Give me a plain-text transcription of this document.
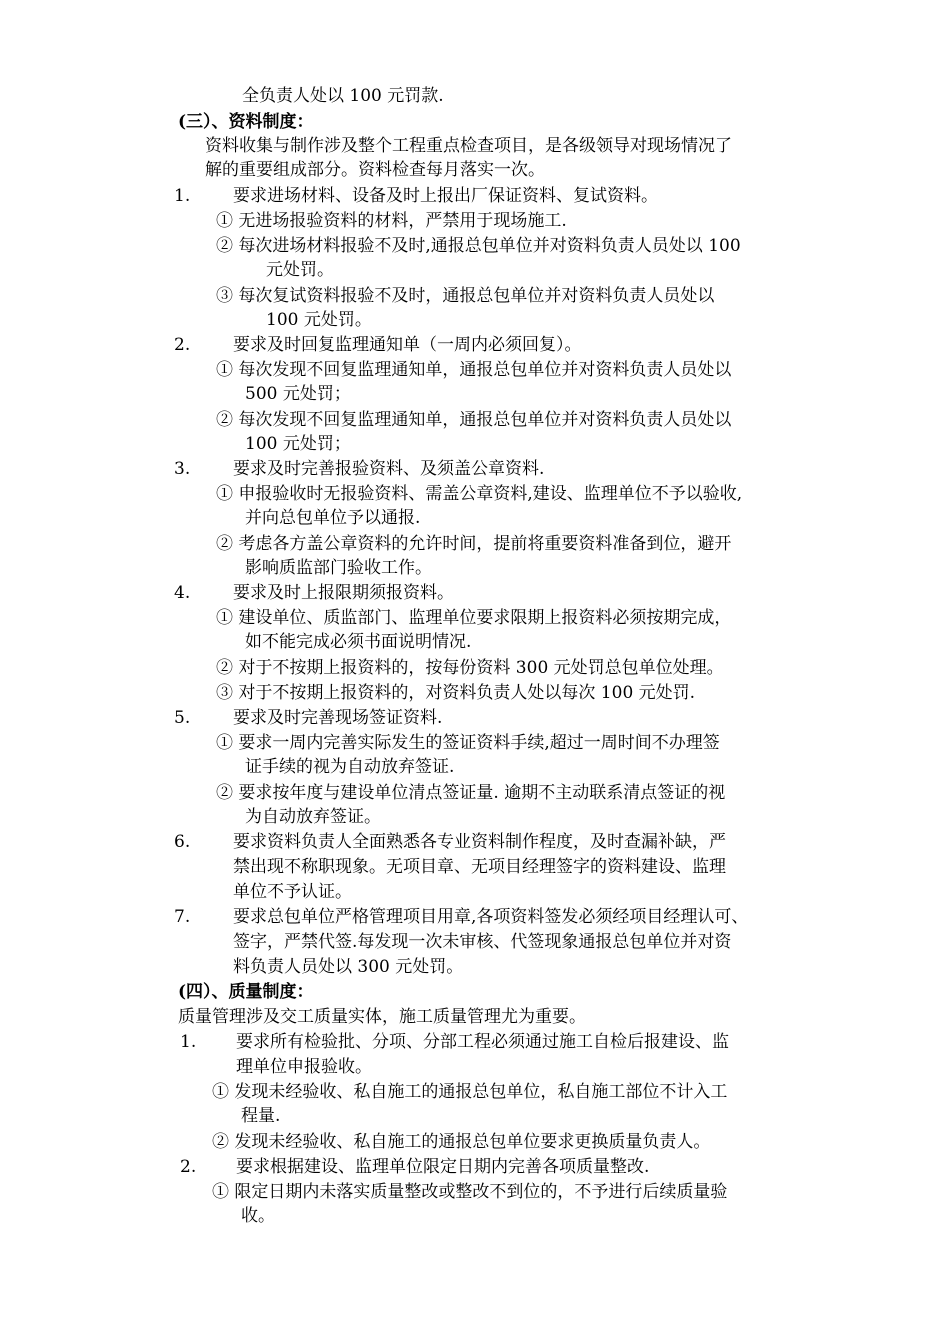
全负责人处以 100 元罚款.
(三）、资料制度：
资料收集与制作涉及整个工程重点检查项目，是各级领导对现场情况了
解的重要组成部分。资料检查每月落实一次。
1.	要求进场材料、设备及时上报出厂保证资料、复试资料。
① 无进场报验资料的材料，严禁用于现场施工.
② 每次进场材料报验不及时,通报总包单位并对资料负责人员处以 100
元处罚。
③ 每次复试资料报验不及时，通报总包单位并对资料负责人员处以
100 元处罚。
2.	要求及时回复监理通知单（一周内必须回复）。
① 每次发现不回复监理通知单，通报总包单位并对资料负责人员处以
500 元处罚；
② 每次发现不回复监理通知单，通报总包单位并对资料负责人员处以
100 元处罚；
3.	要求及时完善报验资料、及须盖公章资料.
① 申报验收时无报验资料、需盖公章资料,建设、监理单位不予以验收,
并向总包单位予以通报.
② 考虑各方盖公章资料的允许时间，提前将重要资料准备到位，避开
影响质监部门验收工作。
4.	要求及时上报限期须报资料。
① 建设单位、质监部门、监理单位要求限期上报资料必须按期完成，
如不能完成必须书面说明情况.
② 对于不按期上报资料的，按每份资料 300 元处罚总包单位处理。
③ 对于不按期上报资料的，对资料负责人处以每次 100 元处罚.
5.	要求及时完善现场签证资料.
① 要求一周内完善实际发生的签证资料手续,超过一周时间不办理签
证手续的视为自动放弃签证.
② 要求按年度与建设单位清点签证量. 逾期不主动联系清点签证的视
为自动放弃签证。
6.	要求资料负责人全面熟悉各专业资料制作程度，及时查漏补缺，严
禁出现不称职现象。无项目章、无项目经理签字的资料建设、监理
单位不予认证。
7.	要求总包单位严格管理项目用章,各项资料签发必须经项目经理认可、
签字，严禁代签.每发现一次未审核、代签现象通报总包单位并对资
料负责人员处以 300 元处罚。
(四）、质量制度：
质量管理涉及交工质量实体，施工质量管理尤为重要。
1. 要求所有检验批、分项、分部工程必须通过施工自检后报建设、监
理单位申报验收。
① 发现未经验收、私自施工的通报总包单位，私自施工部位不计入工
程量.
② 发现未经验收、私自施工的通报总包单位要求更换质量负责人。
2. 要求根据建设、监理单位限定日期内完善各项质量整改.
① 限定日期内未落实质量整改或整改不到位的，不予进行后续质量验
收。
